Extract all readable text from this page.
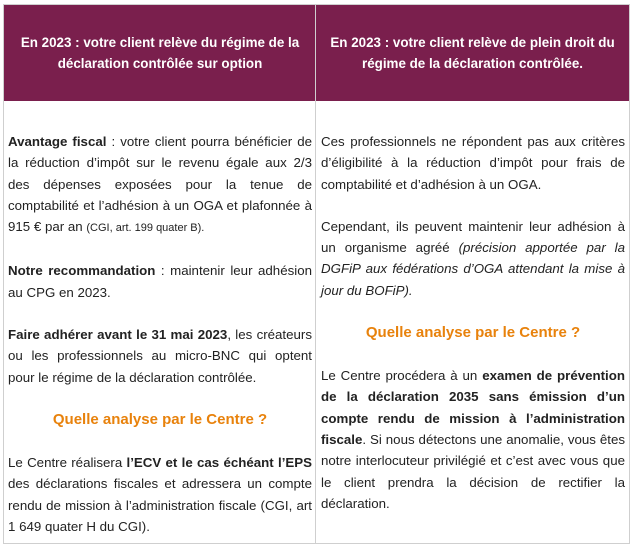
En 2023 : votre client relève du régime de la déclaration contrôlée sur option
En 2023 : votre client relève de plein droit du régime de la déclaration contrôlée.

Avantage fiscal : votre client pourra bénéficier de la réduction d’impôt sur le revenu égale aux 2/3 des dépenses exposées pour la tenue de comptabilité et l’adhésion à un OGA et plafonnée à 915 € par an (CGI, art. 199 quater B).

Notre recommandation : maintenir leur adhésion au CPG en 2023.

Faire adhérer avant le 31 mai 2023, les créateurs ou les professionnels au micro-BNC qui optent pour le régime de la déclaration contrôlée.

Quelle analyse par le Centre ?

Le Centre réalisera l’ECV et le cas échéant l’EPS des déclarations fiscales et adressera un compte rendu de mission à l’administration fiscale (CGI, art 1 649 quater H du CGI).

Ces professionnels ne répondent pas aux critères d’éligibilité à la réduction d’impôt pour frais de comptabilité et d’adhésion à un OGA.

Cependant, ils peuvent maintenir leur adhésion à un organisme agréé (précision apportée par la DGFiP aux fédérations d’OGA attendant la mise à jour du BOFiP).

Quelle analyse par le Centre ?

Le Centre procédera à un examen de prévention de la déclaration 2035 sans émission d’un compte rendu de mission à l’administration fiscale. Si nous détectons une anomalie, vous êtes notre interlocuteur privilégié et c’est avec vous que le client prendra la décision de rectifier la déclaration.
